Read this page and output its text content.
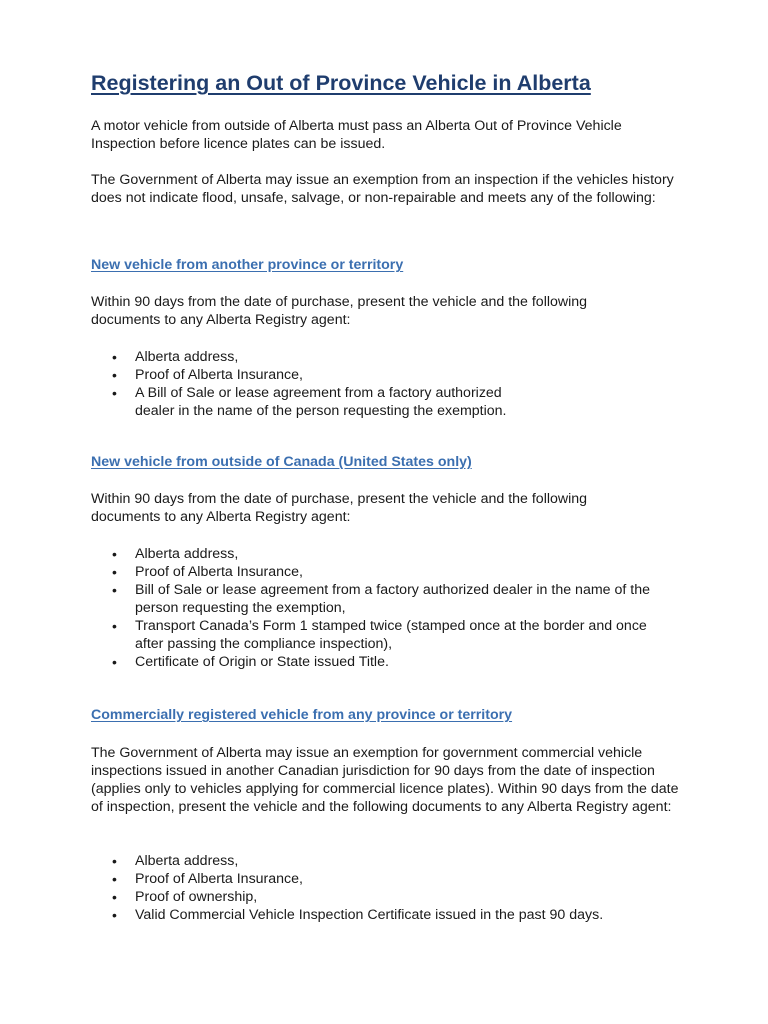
Registering an Out of Province Vehicle in Alberta

A motor vehicle from outside of Alberta must pass an Alberta Out of Province Vehicle Inspection before licence plates can be issued.

The Government of Alberta may issue an exemption from an inspection if the vehicles history does not indicate flood, unsafe, salvage, or non-repairable and meets any of the following:

New vehicle from another province or territory

Within 90 days from the date of purchase, present the vehicle and the following documents to any Alberta Registry agent:

• Alberta address,
• Proof of Alberta Insurance,
• A Bill of Sale or lease agreement from a factory authorized dealer in the name of the person requesting the exemption.
New vehicle from outside of Canada (United States only)

Within 90 days from the date of purchase, present the vehicle and the following documents to any Alberta Registry agent:

• Alberta address,
• Proof of Alberta Insurance,
• Bill of Sale or lease agreement from a factory authorized dealer in the name of the person requesting the exemption,
• Transport Canada’s Form 1 stamped twice (stamped once at the border and once after passing the compliance inspection),
• Certificate of Origin or State issued Title.
Commercially registered vehicle from any province or territory

The Government of Alberta may issue an exemption for government commercial vehicle inspections issued in another Canadian jurisdiction for 90 days from the date of inspection (applies only to vehicles applying for commercial licence plates). Within 90 days from the date of inspection, present the vehicle and the following documents to any Alberta Registry agent:

• Alberta address,
• Proof of Alberta Insurance,
• Proof of ownership,
• Valid Commercial Vehicle Inspection Certificate issued in the past 90 days.
